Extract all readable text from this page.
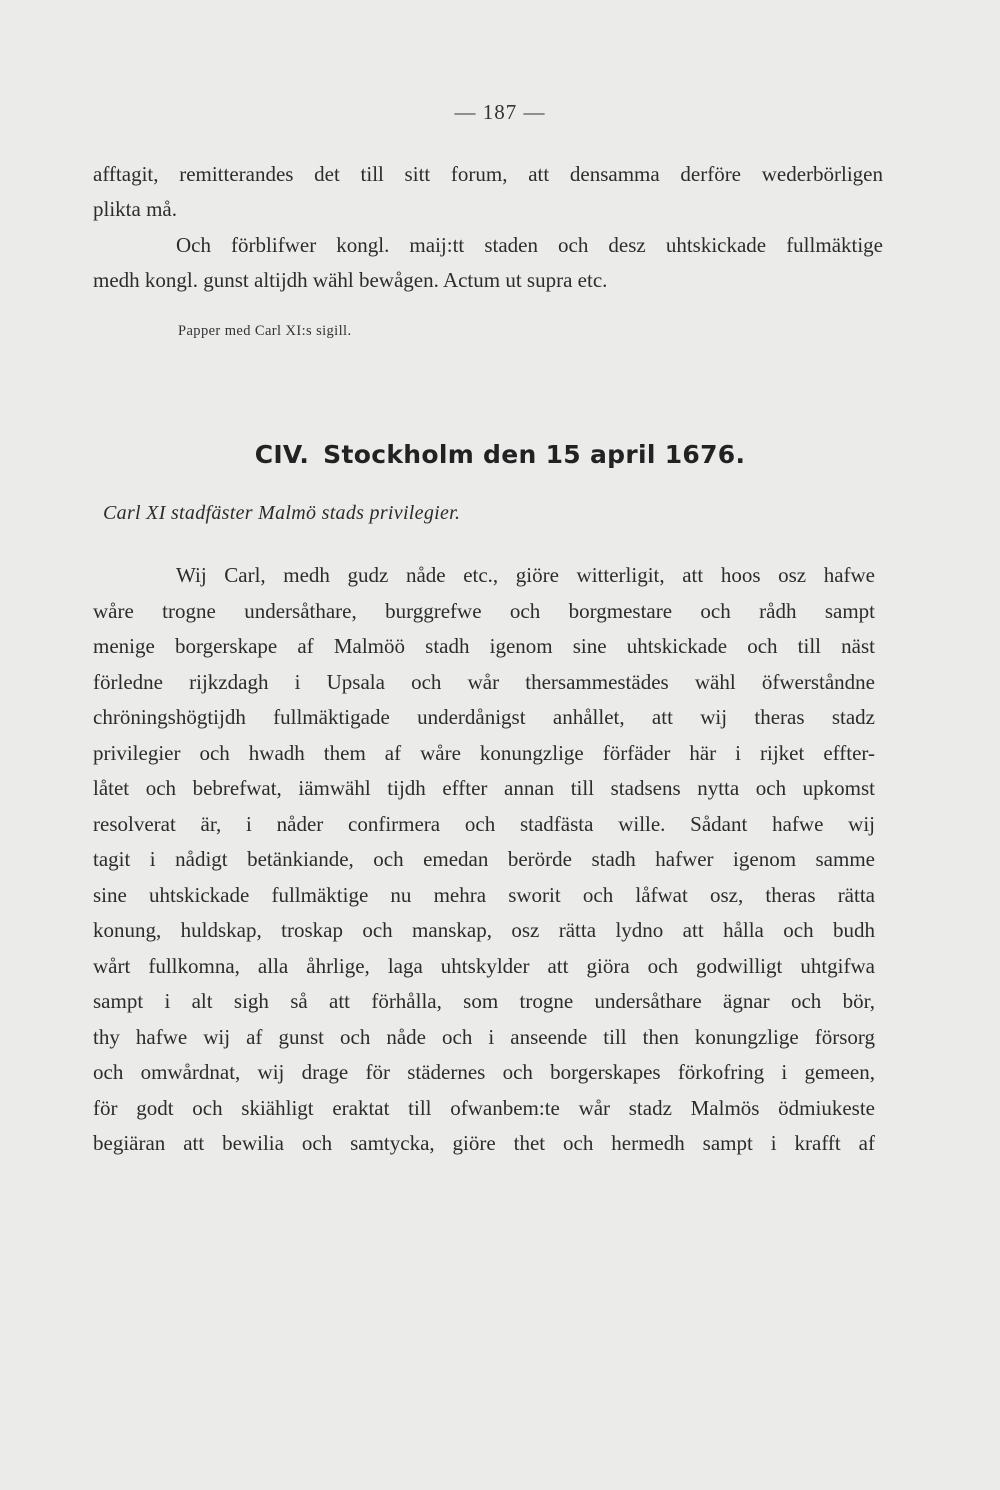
— 187 —
afftagit, remitterandes det till sitt forum, att densamma derföre wederbörligen
plikta må.
Och förblifwer kongl. maij:tt staden och desz uhtskickade fullmäktige
medh kongl. gunst altijdh wähl bewågen. Actum ut supra etc.
Papper med Carl XI:s sigill.
CIV. Stockholm den 15 april 1676.
Carl XI stadfäster Malmö stads privilegier.
Wij Carl, medh gudz nåde etc., giöre witterligit, att hoos osz hafwe
wåre trogne undersåthare, burggrefwe och borgmestare och rådh sampt
menige borgerskape af Malmöö stadh igenom sine uhtskickade och till näst
förledne rijkzdagh i Upsala och wår thersammestädes wähl öfwerståndne
chröningshögtijdh fullmäktigade underdånigst anhållet, att wij theras stadz
privilegier och hwadh them af wåre konungzlige förfäder här i rijket effter-
låtet och bebrefwat, iämwähl tijdh effter annan till stadsens nytta och upkomst
resolverat är, i nåder confirmera och stadfästa wille. Sådant hafwe wij
tagit i nådigt betänkiande, och emedan berörde stadh hafwer igenom samme
sine uhtskickade fullmäktige nu mehra sworit och låfwat osz, theras rätta
konung, huldskap, troskap och manskap, osz rätta lydno att hålla och budh
wårt fullkomna, alla åhrlige, laga uhtskylder att giöra och godwilligt uhtgifwa
sampt i alt sigh så att förhålla, som trogne undersåthare ägnar och bör,
thy hafwe wij af gunst och nåde och i anseende till then konungzlige försorg
och omwårdnat, wij drage för städernes och borgerskapes förkofring i gemeen,
för godt och skiähligt eraktat till ofwanbem:te wår stadz Malmös ödmiukeste
begiäran att bewilia och samtycka, giöre thet och hermedh sampt i krafft af
